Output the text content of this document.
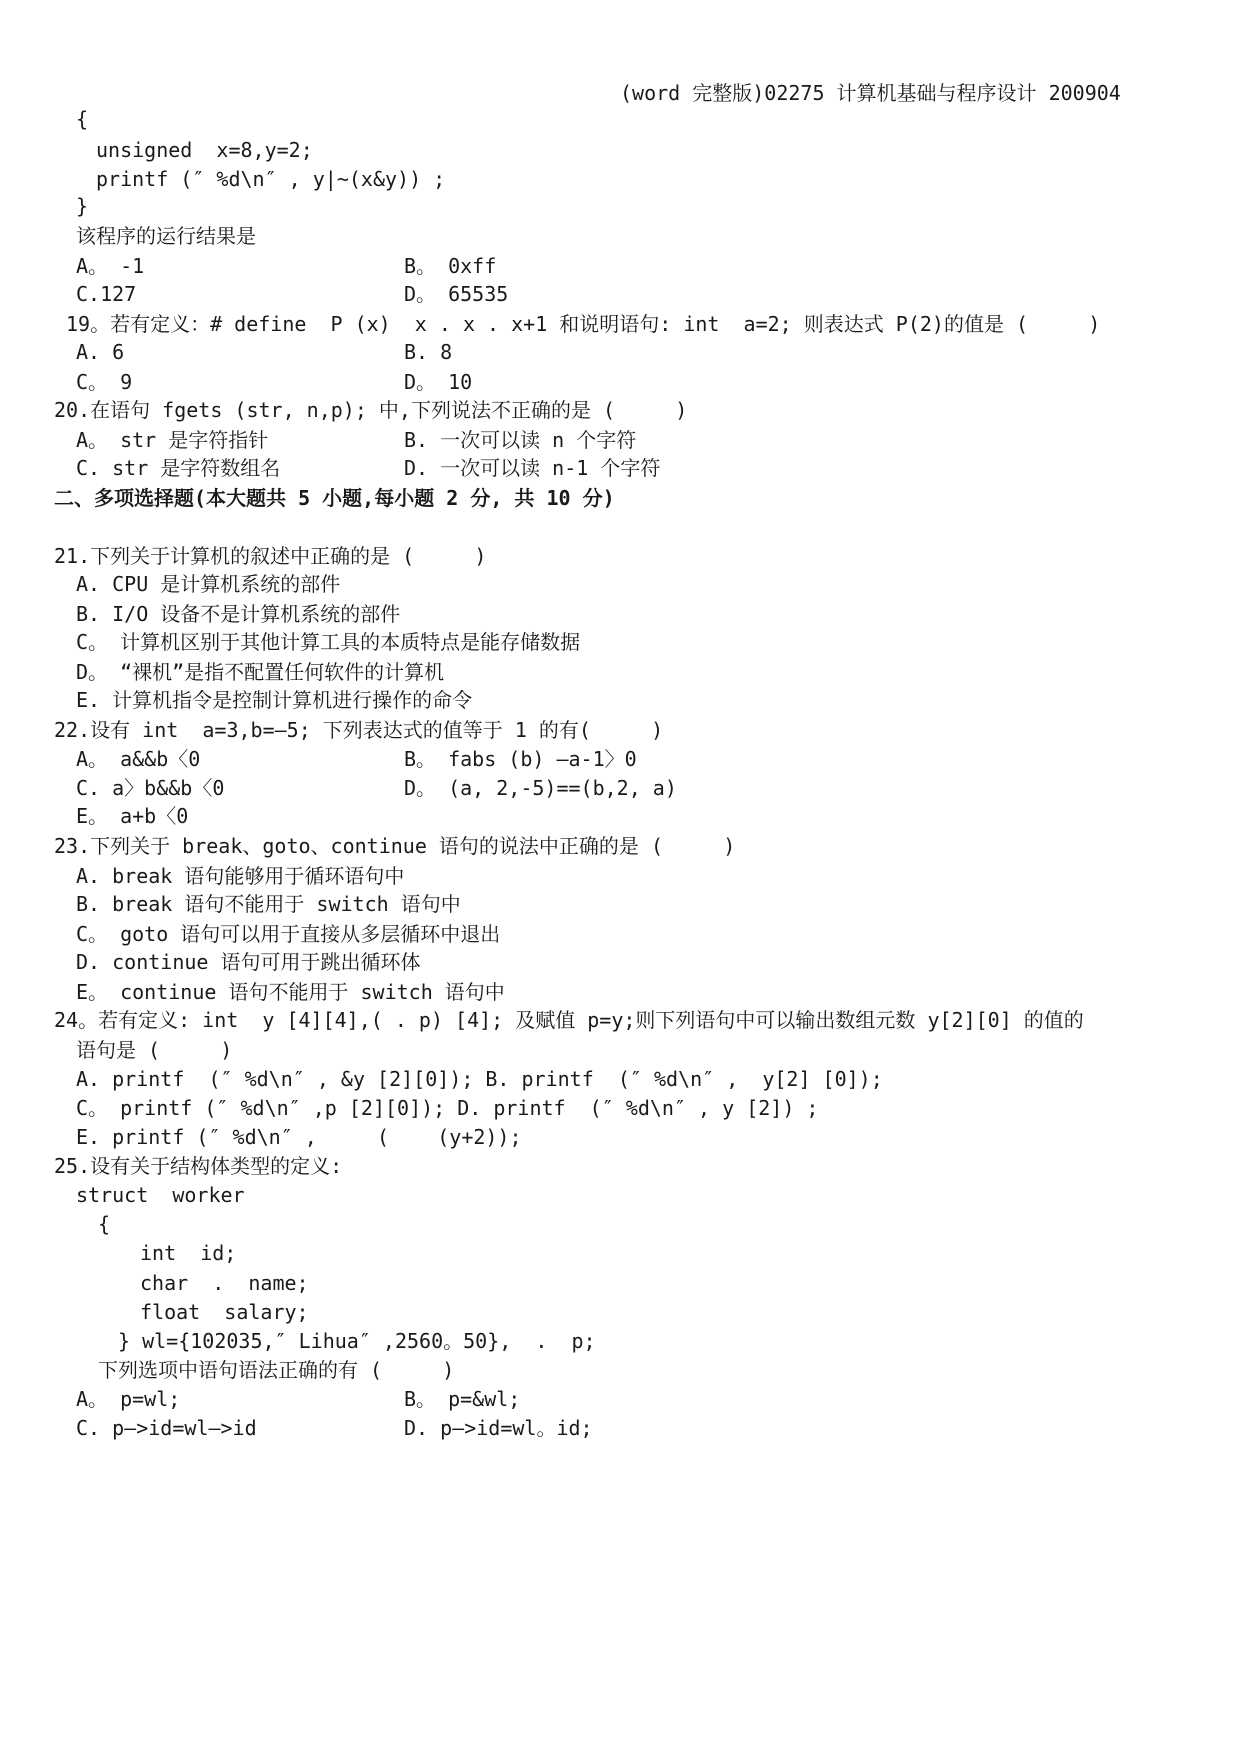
(word 完整版)02275 计算机基础与程序设计 200904
{
unsigned  x=8,y=2;
printf (″ %d\n″ , y|~(x&y)) ;
}
该程序的运行结果是
A。 -1	B。 0xff
C.127	D。 65535
19。若有定义：# define  P (x)  x . x . x+1 和说明语句: int  a=2; 则表达式 P(2)的值是 (     )
A. 6	B. 8
C。 9	D。 10
20.在语句 fgets (str, n,p); 中,下列说法不正确的是 (     )
A。 str 是字符指针	B. 一次可以读 n 个字符
C. str 是字符数组名	D. 一次可以读 n-1 个字符
二、多项选择题(本大题共 5 小题,每小题 2 分, 共 10 分)
21.下列关于计算机的叙述中正确的是 (     )
A. CPU 是计算机系统的部件
B. I/O 设备不是计算机系统的部件
C。 计算机区别于其他计算工具的本质特点是能存储数据
D。 “裸机”是指不配置任何软件的计算机
E. 计算机指令是控制计算机进行操作的命令
22.设有 int  a=3,b=—5; 下列表达式的值等于 1 的有(     )
A。 a&&b〈0	B。 fabs (b) —a-1〉0
C. a〉b&&b〈0	D。 (a, 2,-5)==(b,2, a)
E。 a+b〈0
23.下列关于 break、goto、continue 语句的说法中正确的是 (     )
A. break 语句能够用于循环语句中
B. break 语句不能用于 switch 语句中
C。 goto 语句可以用于直接从多层循环中退出
D. continue 语句可用于跳出循环体
E。 continue 语句不能用于 switch 语句中
24。若有定义: int  y [4][4],( . p) [4]; 及赋值 p=y;则下列语句中可以输出数组元数 y[2][0] 的值的
语句是 (     )
A. printf  (″ %d\n″ , &y [2][0]); B. printf  (″ %d\n″ ,  y[2] [0]);
C。 printf (″ %d\n″ ,p [2][0]); D. printf  (″ %d\n″ , y [2]) ;
E. printf (″ %d\n″ ,     (    (y+2));
25.设有关于结构体类型的定义:
struct  worker
{
int  id;
char  .  name;
float  salary;
} wl={102035,″ Lihua″ ,2560。50},  .  p;
下列选项中语句语法正确的有 (     )
A。 p=wl;	B。 p=&wl;
C. p—>id=wl—>id	D. p—>id=wl。id;
